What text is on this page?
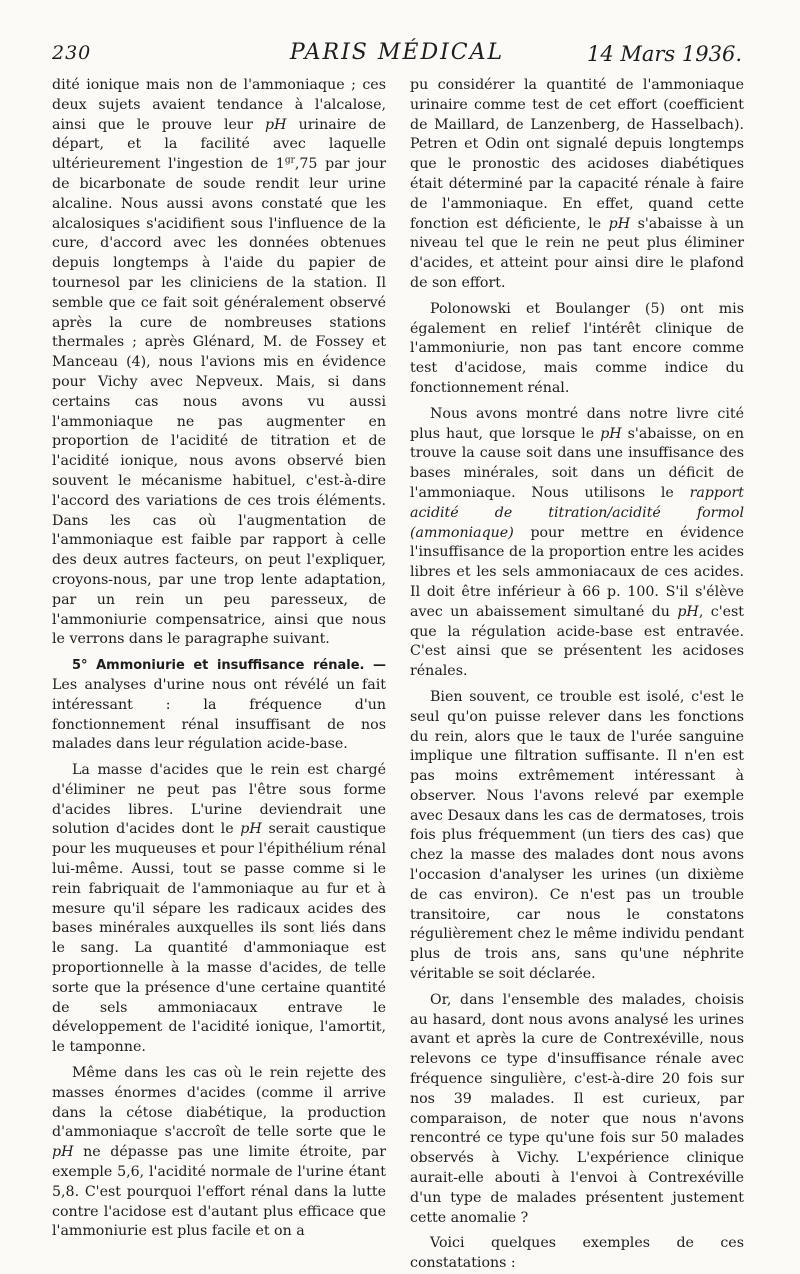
PARIS MÉDICAL
230	14 Mars 1936.

dité ionique mais non de l'ammoniaque ; ces deux sujets avaient tendance à l'alcalose, ainsi que le prouve leur pH urinaire de départ, et la facilité avec laquelle ultérieurement l'ingestion de $1^{gr},75$ par jour de bicarbonate de soude rendit leur urine alcaline. Nous aussi avons constaté que les alcalosiques s'acidifient sous l'influence de la cure, d'accord avec les données obtenues depuis longtemps à l'aide du papier de tournesol par les cliniciens de la station. Il semble que ce fait soit généralement observé après la cure de nombreuses stations thermales ; après Glénard, M. de Fossey et Manceau (4), nous l'avions mis en évidence pour Vichy avec Nepveux. Mais, si dans certains cas nous avons vu aussi l'ammoniaque ne pas augmenter en proportion de l'acidité de titration et de l'acidité ionique, nous avons observé bien souvent le mécanisme habituel, c'est-à-dire l'accord des variations de ces trois éléments. Dans les cas où l'augmentation de l'ammoniaque est faible par rapport à celle des deux autres facteurs, on peut l'expliquer, croyons-nous, par une trop lente adaptation, par un rein un peu paresseux, de l'ammoniurie compensatrice, ainsi que nous le verrons dans le paragraphe suivant.

5° Ammoniurie et insuffisance rénale. — Les analyses d'urine nous ont révélé un fait intéressant : la fréquence d'un fonctionnement rénal insuffisant de nos malades dans leur régulation acide-base.

La masse d'acides que le rein est chargé d'éliminer ne peut pas l'être sous forme d'acides libres. L'urine deviendrait une solution d'acides dont le pH serait caustique pour les muqueuses et pour l'épithélium rénal lui-même. Aussi, tout se passe comme si le rein fabriquait de l'ammoniaque au fur et à mesure qu'il sépare les radicaux acides des bases minérales auxquelles ils sont liés dans le sang. La quantité d'ammoniaque est proportionnelle à la masse d'acides, de telle sorte que la présence d'une certaine quantité de sels ammoniacaux entrave le développement de l'acidité ionique, l'amortit, le tamponne.

Même dans les cas où le rein rejette des masses énormes d'acides (comme il arrive dans la cétose diabétique, la production d'ammoniaque s'accroît de telle sorte que le pH ne dépasse pas une limite étroite, par exemple 5,6, l'acidité normale de l'urine étant 5,8. C'est pourquoi l'effort rénal dans la lutte contre l'acidose est d'autant plus efficace que l'ammoniurie est plus facile et on a

pu considérer la quantité de l'ammoniaque urinaire comme test de cet effort (coefficient de Maillard, de Lanzenberg, de Hasselbach). Petren et Odin ont signalé depuis longtemps que le pronostic des acidoses diabétiques était déterminé par la capacité rénale à faire de l'ammoniaque. En effet, quand cette fonction est déficiente, le pH s'abaisse à un niveau tel que le rein ne peut plus éliminer d'acides, et atteint pour ainsi dire le plafond de son effort.

Polonowski et Boulanger (5) ont mis également en relief l'intérêt clinique de l'ammoniurie, non pas tant encore comme test d'acidose, mais comme indice du fonctionnement rénal.

Nous avons montré dans notre livre cité plus haut, que lorsque le pH s'abaisse, on en trouve la cause soit dans une insuffisance des bases minérales, soit dans un déficit de l'ammoniaque. Nous utilisons le rapport acidité de titration/acidité formol (ammoniaque) pour mettre en évidence l'insuffisance de la proportion entre les acides libres et les sels ammoniacaux de ces acides. Il doit être inférieur à 66 p. 100. S'il s'élève avec un abaissement simultané du pH, c'est que la régulation acide-base est entravée. C'est ainsi que se présentent les acidoses rénales.

Bien souvent, ce trouble est isolé, c'est le seul qu'on puisse relever dans les fonctions du rein, alors que le taux de l'urée sanguine implique une filtration suffisante. Il n'en est pas moins extrêmement intéressant à observer. Nous l'avons relevé par exemple avec Desaux dans les cas de dermatoses, trois fois plus fréquemment (un tiers des cas) que chez la masse des malades dont nous avons l'occasion d'analyser les urines (un dixième de cas environ). Ce n'est pas un trouble transitoire, car nous le constatons régulièrement chez le même individu pendant plus de trois ans, sans qu'une néphrite véritable se soit déclarée.

Or, dans l'ensemble des malades, choisis au hasard, dont nous avons analysé les urines avant et après la cure de Contrexéville, nous relevons ce type d'insuffisance rénale avec fréquence singulière, c'est-à-dire 20 fois sur nos 39 malades. Il est curieux, par comparaison, de noter que nous n'avons rencontré ce type qu'une fois sur 50 malades observés à Vichy. L'expérience clinique aurait-elle abouti à l'envoi à Contrexéville d'un type de malades présentent justement cette anomalie ?

Voici quelques exemples de ces constatations :
